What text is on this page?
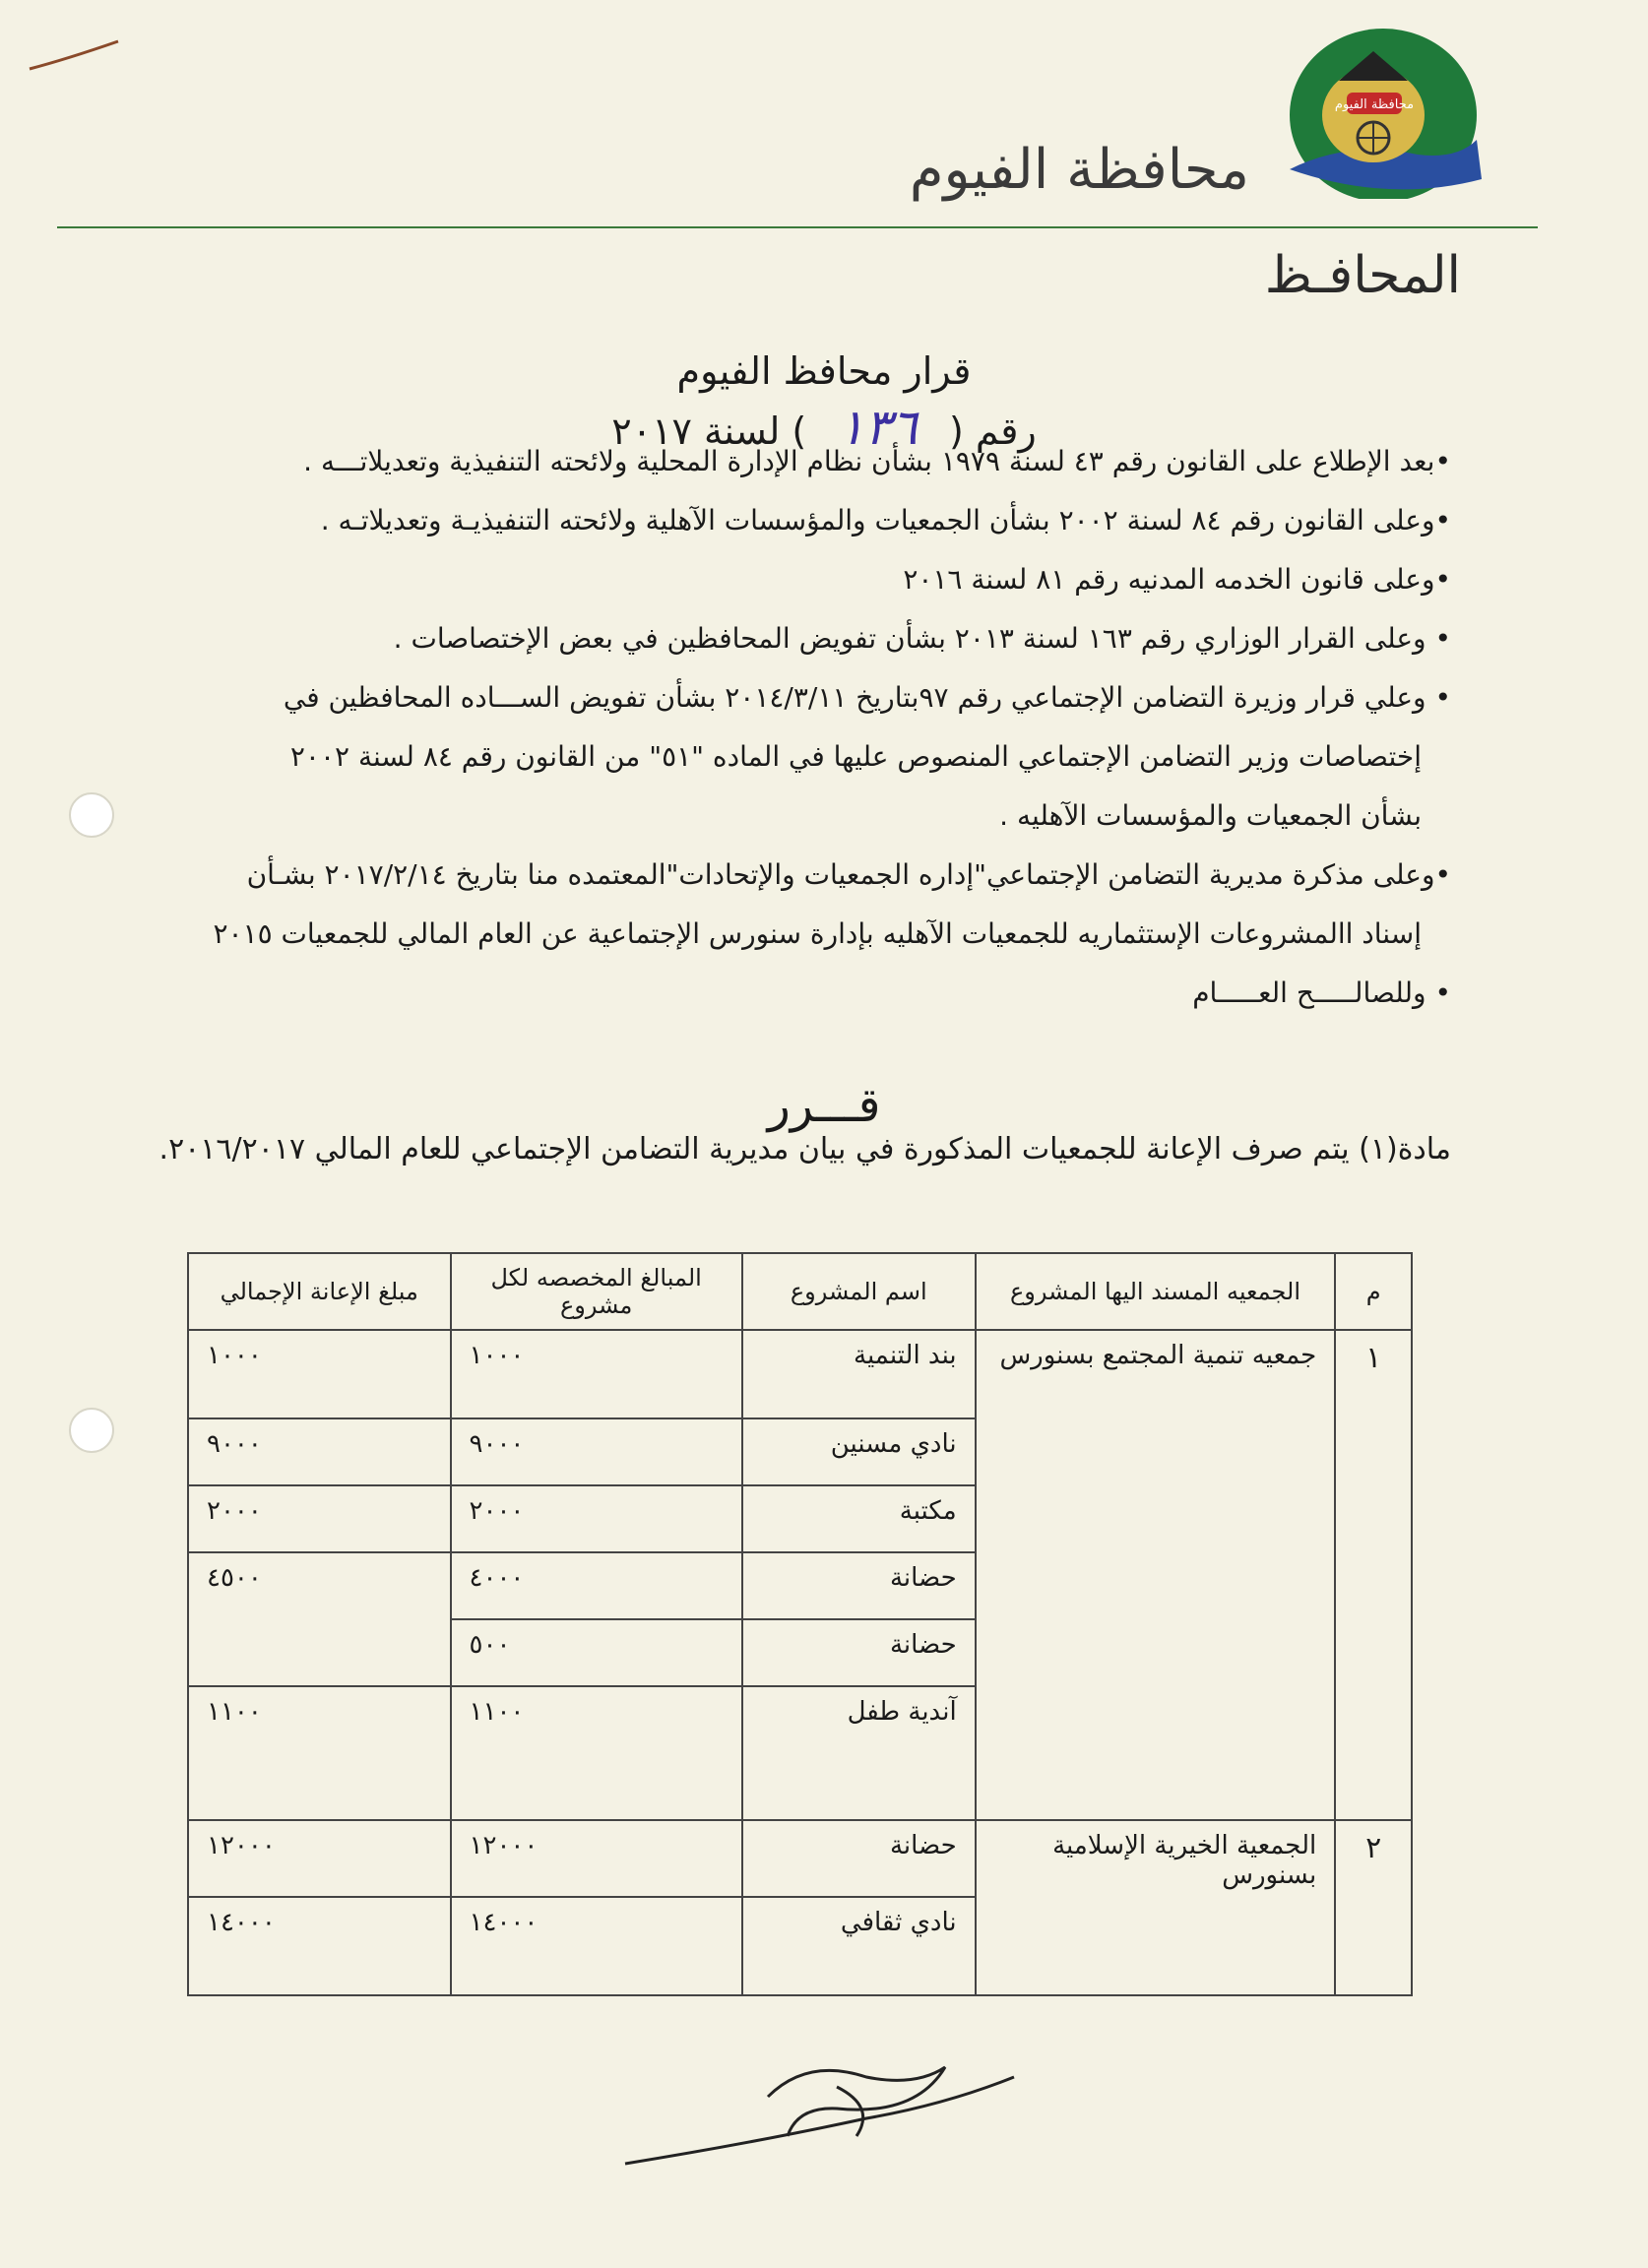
محافظة الفيوم
محافظة الفيوم
المحافـظ
قرار محافظ الفيوم
رقم ( ١٣٦ ) لسنة ٢٠١٧
•بعد الإطلاع على القانون رقم ٤٣ لسنة ١٩٧٩ بشأن نظام الإدارة المحلية ولائحته التنفيذية وتعديلاتـــه .
•وعلى القانون رقم ٨٤ لسنة ٢٠٠٢ بشأن الجمعيات والمؤسسات الآهلية ولائحته التنفيذيـة وتعديلاتـه .
•وعلى قانون الخدمه المدنيه رقم ٨١ لسنة ٢٠١٦
• وعلى القرار الوزاري رقم ١٦٣ لسنة ٢٠١٣ بشأن تفويض المحافظين في بعض الإختصاصات .
• وعلي قرار وزيرة التضامن الإجتماعي رقم ٩٧بتاريخ ٢٠١٤/٣/١١ بشأن تفويض الســـاده المحافظين في
إختصاصات وزير التضامن الإجتماعي المنصوص عليها في الماده "٥١" من القانون رقم ٨٤ لسنة ٢٠٠٢
بشأن الجمعيات والمؤسسات الآهليه .
•وعلى مذكرة مديرية التضامن الإجتماعي"إداره الجمعيات والإتحادات"المعتمده منا بتاريخ ٢٠١٧/٢/١٤ بشـأن
إسناد االمشروعات الإستثماريه للجمعيات الآهليه بإدارة سنورس الإجتماعية عن العام المالي للجمعيات ٢٠١٥
• وللصالـــــح العـــــام
قـــرر
مادة(١) يتم صرف الإعانة للجمعيات المذكورة في بيان مديرية التضامن الإجتماعي للعام المالي ٢٠١٦/٢٠١٧.
م	الجمعيه المسند اليها المشروع	اسم المشروع	المبالغ المخصصه لكل مشروع	مبلغ الإعانة الإجمالي
١	جمعيه تنمية المجتمع بسنورس	بند التنمية	١٠٠٠	١٠٠٠
		نادي مسنين	٩٠٠٠	٩٠٠٠
		مكتبة	٢٠٠٠	٢٠٠٠
		حضانة	٤٠٠٠	٤٥٠٠
		حضانة	٥٠٠	
		آندية طفل	١١٠٠	١١٠٠
٢	الجمعية الخيرية الإسلامية بسنورس	حضانة	١٢٠٠٠	١٢٠٠٠
		نادي ثقافي	١٤٠٠٠	١٤٠٠٠
